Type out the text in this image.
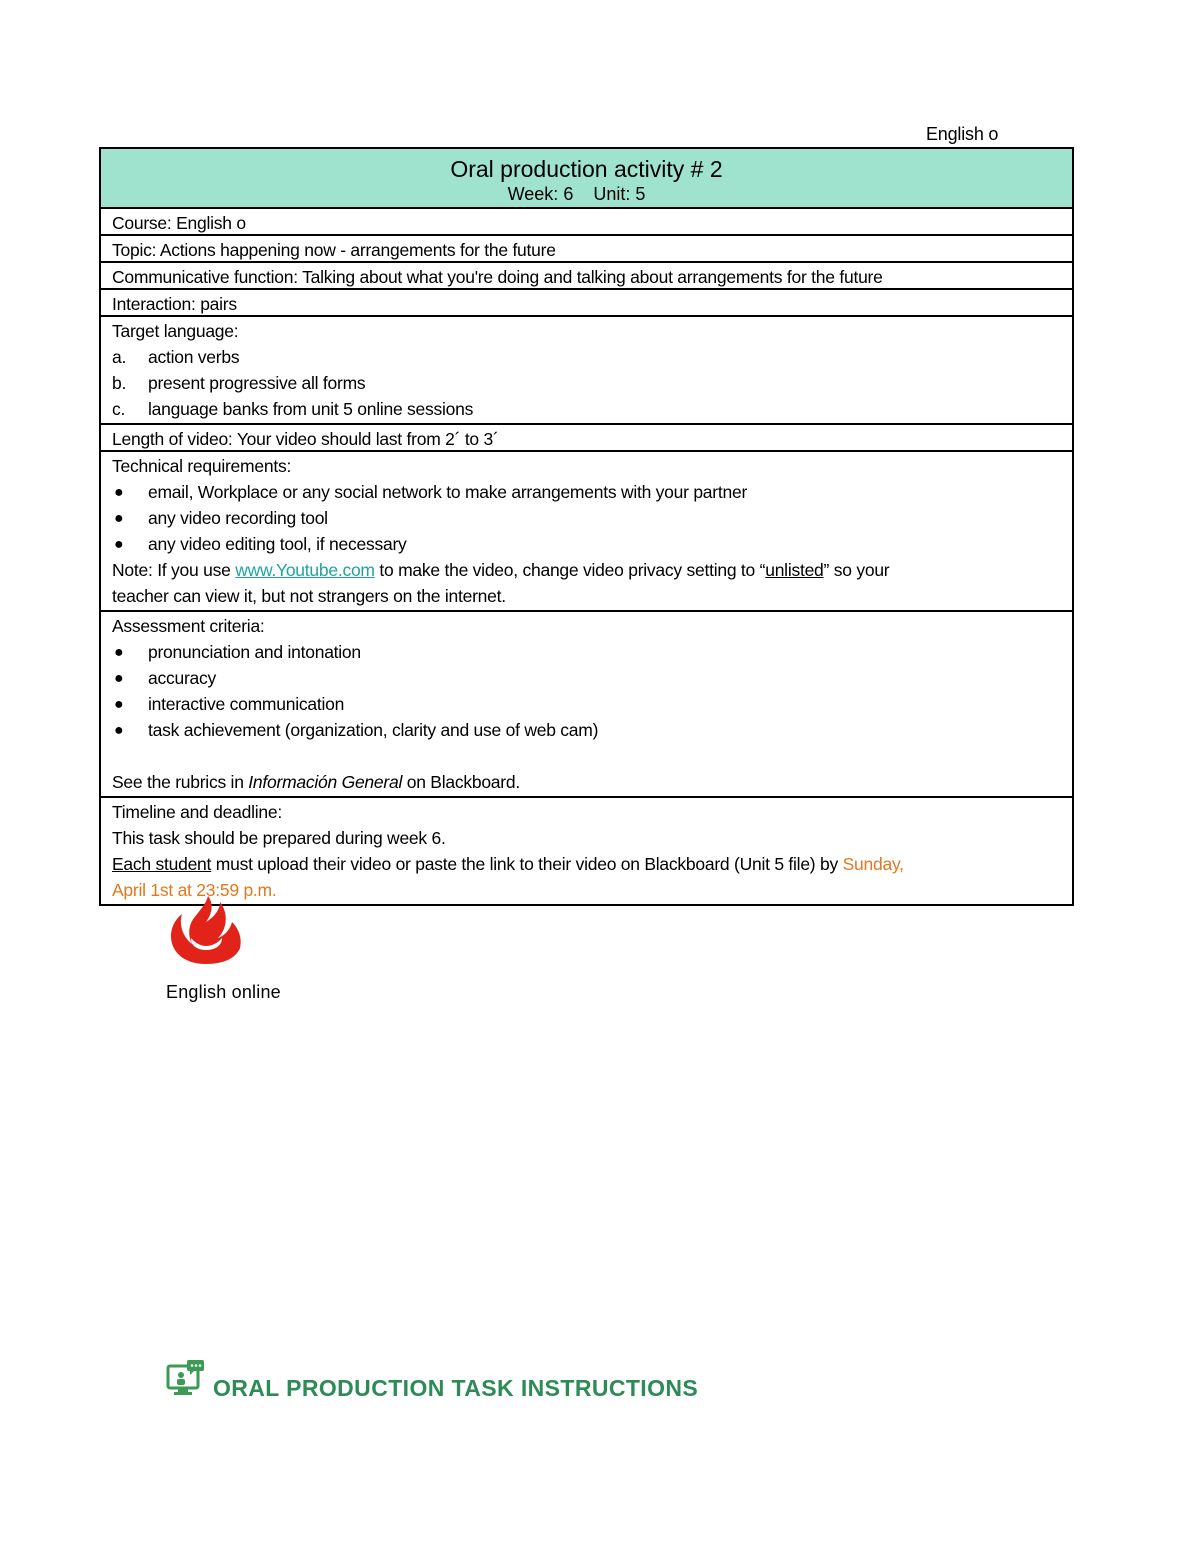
English o
Oral production activity # 2
Week: 6 Unit: 5
Course: English o
Topic: Actions happening now - arrangements for the future
Communicative function: Talking about what you're doing and talking about arrangements for the future
Interaction: pairs
Target language:
a.	action verbs
b.	present progressive all forms
c.	language banks from unit 5 online sessions
Length of video: Your video should last from 2´ to 3´
Technical requirements:
●	email, Workplace or any social network to make arrangements with your partner
●	any video recording tool
●	any video editing tool, if necessary
Note: If you use www.Youtube.com to make the video, change video privacy setting to “unlisted” so your
teacher can view it, but not strangers on the internet.
Assessment criteria:
●	pronunciation and intonation
●	accuracy
●	interactive communication
●	task achievement (organization, clarity and use of web cam)
See the rubrics in Información General on Blackboard.
Timeline and deadline:
This task should be prepared during week 6.
Each student must upload their video or paste the link to their video on Blackboard (Unit 5 file) by Sunday,
April 1st at 23:59 p.m.
English online
ORAL PRODUCTION TASK INSTRUCTIONS
